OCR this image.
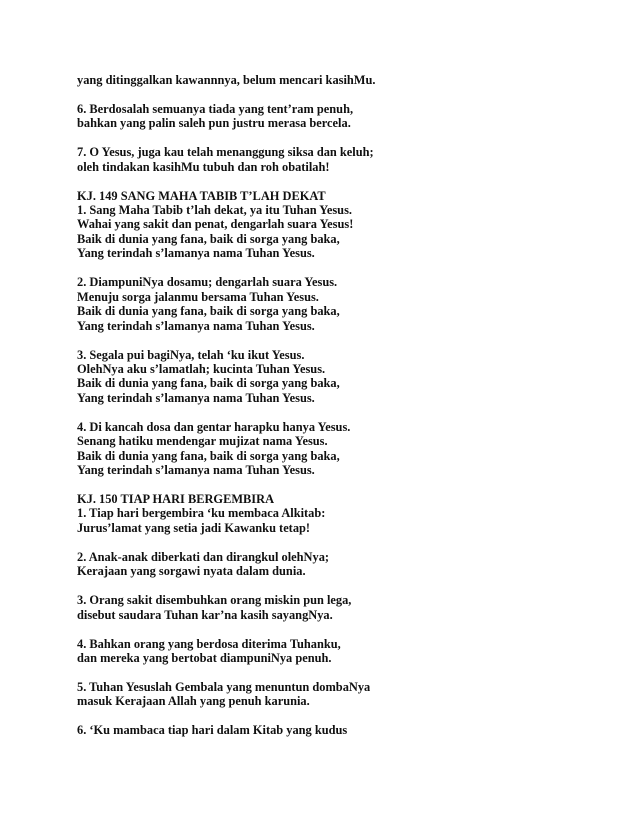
yang ditinggalkan kawannnya, belum mencari kasihMu.
6. Berdosalah semuanya tiada yang tent’ram penuh,
bahkan yang palin saleh pun justru merasa bercela.
7. O Yesus, juga kau telah menanggung siksa dan keluh;
oleh tindakan kasihMu tubuh dan roh obatilah!
KJ. 149 SANG MAHA TABIB T’LAH DEKAT
1. Sang Maha Tabib t’lah dekat, ya itu Tuhan Yesus.
Wahai yang sakit dan penat, dengarlah suara Yesus!
Baik di dunia yang fana, baik di sorga yang baka,
Yang terindah s’lamanya nama Tuhan Yesus.
2. DiampuniNya dosamu; dengarlah suara Yesus.
Menuju sorga jalanmu bersama Tuhan Yesus.
Baik di dunia yang fana, baik di sorga yang baka,
Yang terindah s’lamanya nama Tuhan Yesus.
3. Segala pui bagiNya, telah ‘ku ikut Yesus.
OlehNya aku s’lamatlah; kucinta Tuhan Yesus.
Baik di dunia yang fana, baik di sorga yang baka,
Yang terindah s’lamanya nama Tuhan Yesus.
4. Di kancah dosa dan gentar harapku hanya Yesus.
Senang hatiku mendengar mujizat nama Yesus.
Baik di dunia yang fana, baik di sorga yang baka,
Yang terindah s’lamanya nama Tuhan Yesus.
KJ. 150 TIAP HARI BERGEMBIRA
1. Tiap hari bergembira ‘ku membaca Alkitab:
Jurus’lamat yang setia jadi Kawanku tetap!
2. Anak-anak diberkati dan dirangkul olehNya;
Kerajaan yang sorgawi nyata dalam dunia.
3. Orang sakit disembuhkan orang miskin pun lega,
disebut saudara Tuhan kar’na kasih sayangNya.
4. Bahkan orang yang berdosa diterima Tuhanku,
dan mereka yang bertobat diampuniNya penuh.
5. Tuhan Yesuslah Gembala yang menuntun dombaNya
masuk Kerajaan Allah yang penuh karunia.
6. ‘Ku mambaca tiap hari dalam Kitab yang kudus
